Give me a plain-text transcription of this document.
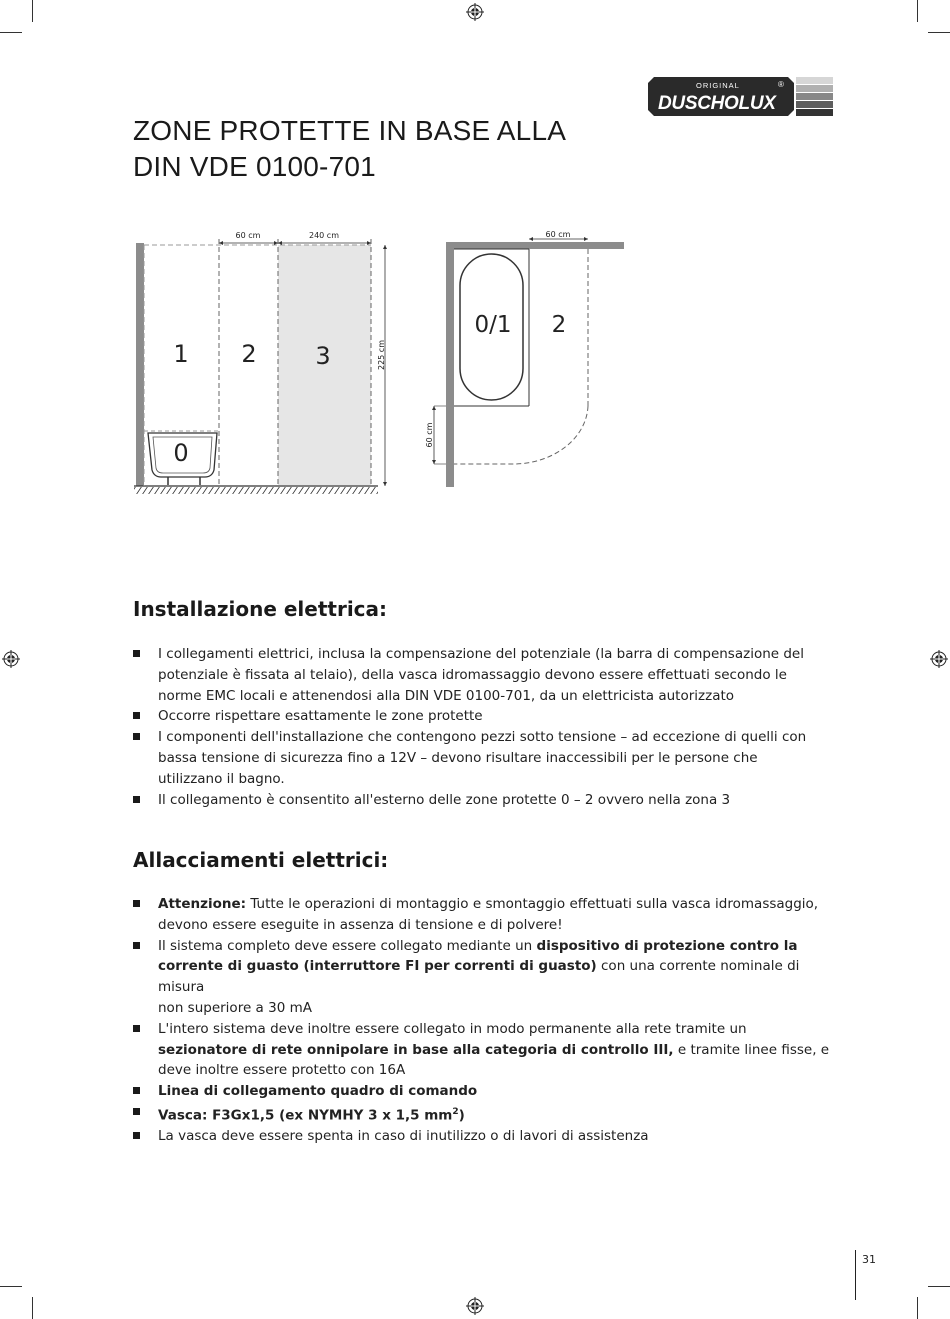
ORIGINAL	®
DUSCHOLUX
ZONE PROTETTE IN BASE ALLA
DIN VDE 0100-701
60 cm	240 cm
225 cm
1 2 3
0
60 cm
60 cm
0/1 2
Installazione elettrica:
I collegamenti elettrici, inclusa la compensazione del potenziale (la barra di compensazione del
potenziale è fissata al telaio), della vasca idromassaggio devono essere effettuati secondo le
norme EMC locali e attenendosi alla DIN VDE 0100-701, da un elettricista autorizzato
Occorre rispettare esattamente le zone protette
I componenti dell'installazione che contengono pezzi sotto tensione – ad eccezione di quelli con
bassa tensione di sicurezza fino a 12V – devono risultare inaccessibili per le persone che
utilizzano il bagno.
Il collegamento è consentito all'esterno delle zone protette 0 – 2 ovvero nella zona 3
Allacciamenti elettrici:
Attenzione: Tutte le operazioni di montaggio e smontaggio effettuati sulla vasca idromassaggio,
devono essere eseguite in assenza di tensione e di polvere!
Il sistema completo deve essere collegato mediante un dispositivo di protezione contro la
corrente di guasto (interruttore FI per correnti di guasto) con una corrente nominale di misura
non superiore a 30 mA
L'intero sistema deve inoltre essere collegato in modo permanente alla rete tramite un
sezionatore di rete onnipolare in base alla categoria di controllo III, e tramite linee fisse, e
deve inoltre essere protetto con 16A
Linea di collegamento quadro di comando
Vasca: F3Gx1,5 (ex NYMHY 3 x 1,5 $mm^2$)
La vasca deve essere spenta in caso di inutilizzo o di lavori di assistenza
31
